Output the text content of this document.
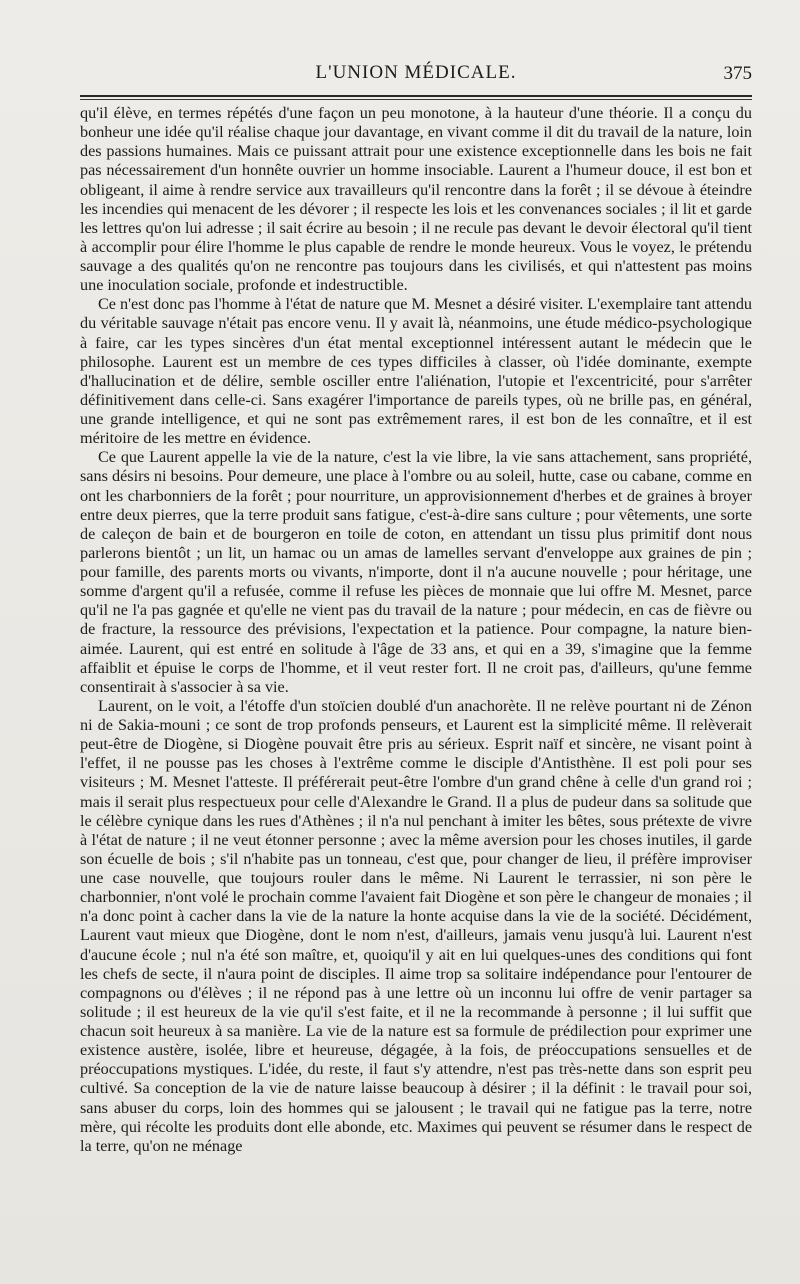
L'UNION MÉDICALE.	375

qu'il élève, en termes répétés d'une façon un peu monotone, à la hauteur d'une théorie. Il a conçu du bonheur une idée qu'il réalise chaque jour davantage, en vivant comme il dit du travail de la nature, loin des passions humaines. Mais ce puissant attrait pour une existence exceptionnelle dans les bois ne fait pas nécessairement d'un honnête ouvrier un homme insociable. Laurent a l'humeur douce, il est bon et obligeant, il aime à rendre service aux travailleurs qu'il rencontre dans la forêt ; il se dévoue à éteindre les incendies qui menacent de les dévorer ; il respecte les lois et les convenances sociales ; il lit et garde les lettres qu'on lui adresse ; il sait écrire au besoin ; il ne recule pas devant le devoir électoral qu'il tient à accomplir pour élire l'homme le plus capable de rendre le monde heureux. Vous le voyez, le prétendu sauvage a des qualités qu'on ne rencontre pas toujours dans les civilisés, et qui n'attestent pas moins une inoculation sociale, profonde et indestructible.

Ce n'est donc pas l'homme à l'état de nature que M. Mesnet a désiré visiter. L'exemplaire tant attendu du véritable sauvage n'était pas encore venu. Il y avait là, néanmoins, une étude médico-psychologique à faire, car les types sincères d'un état mental exceptionnel intéressent autant le médecin que le philosophe. Laurent est un membre de ces types difficiles à classer, où l'idée dominante, exempte d'hallucination et de délire, semble osciller entre l'aliénation, l'utopie et l'excentricité, pour s'arrêter définitivement dans celle-ci. Sans exagérer l'importance de pareils types, où ne brille pas, en général, une grande intelligence, et qui ne sont pas extrêmement rares, il est bon de les connaître, et il est méritoire de les mettre en évidence.

Ce que Laurent appelle la vie de la nature, c'est la vie libre, la vie sans attachement, sans propriété, sans désirs ni besoins. Pour demeure, une place à l'ombre ou au soleil, hutte, case ou cabane, comme en ont les charbonniers de la forêt ; pour nourriture, un approvisionnement d'herbes et de graines à broyer entre deux pierres, que la terre produit sans fatigue, c'est-à-dire sans culture ; pour vêtements, une sorte de caleçon de bain et de bourgeron en toile de coton, en attendant un tissu plus primitif dont nous parlerons bientôt ; un lit, un hamac ou un amas de lamelles servant d'enveloppe aux graines de pin ; pour famille, des parents morts ou vivants, n'importe, dont il n'a aucune nouvelle ; pour héritage, une somme d'argent qu'il a refusée, comme il refuse les pièces de monnaie que lui offre M. Mesnet, parce qu'il ne l'a pas gagnée et qu'elle ne vient pas du travail de la nature ; pour médecin, en cas de fièvre ou de fracture, la ressource des prévisions, l'expectation et la patience. Pour compagne, la nature bien-aimée. Laurent, qui est entré en solitude à l'âge de 33 ans, et qui en a 39, s'imagine que la femme affaiblit et épuise le corps de l'homme, et il veut rester fort. Il ne croit pas, d'ailleurs, qu'une femme consentirait à s'associer à sa vie.

Laurent, on le voit, a l'étoffe d'un stoïcien doublé d'un anachorète. Il ne relève pourtant ni de Zénon ni de Sakia-mouni ; ce sont de trop profonds penseurs, et Laurent est la simplicité même. Il relèverait peut-être de Diogène, si Diogène pouvait être pris au sérieux. Esprit naïf et sincère, ne visant point à l'effet, il ne pousse pas les choses à l'extrême comme le disciple d'Antisthène. Il est poli pour ses visiteurs ; M. Mesnet l'atteste. Il préférerait peut-être l'ombre d'un grand chêne à celle d'un grand roi ; mais il serait plus respectueux pour celle d'Alexandre le Grand. Il a plus de pudeur dans sa solitude que le célèbre cynique dans les rues d'Athènes ; il n'a nul penchant à imiter les bêtes, sous prétexte de vivre à l'état de nature ; il ne veut étonner personne ; avec la même aversion pour les choses inutiles, il garde son écuelle de bois ; s'il n'habite pas un tonneau, c'est que, pour changer de lieu, il préfère improviser une case nouvelle, que toujours rouler dans le même. Ni Laurent le terrassier, ni son père le charbonnier, n'ont volé le prochain comme l'avaient fait Diogène et son père le changeur de monaies ; il n'a donc point à cacher dans la vie de la nature la honte acquise dans la vie de la société. Décidément, Laurent vaut mieux que Diogène, dont le nom n'est, d'ailleurs, jamais venu jusqu'à lui. Laurent n'est d'aucune école ; nul n'a été son maître, et, quoiqu'il y ait en lui quelques-unes des conditions qui font les chefs de secte, il n'aura point de disciples. Il aime trop sa solitaire indépendance pour l'entourer de compagnons ou d'élèves ; il ne répond pas à une lettre où un inconnu lui offre de venir partager sa solitude ; il est heureux de la vie qu'il s'est faite, et il ne la recommande à personne ; il lui suffit que chacun soit heureux à sa manière. La vie de la nature est sa formule de prédilection pour exprimer une existence austère, isolée, libre et heureuse, dégagée, à la fois, de préoccupations sensuelles et de préoccupations mystiques. L'idée, du reste, il faut s'y attendre, n'est pas très-nette dans son esprit peu cultivé. Sa conception de la vie de nature laisse beaucoup à désirer ; il la définit : le travail pour soi, sans abuser du corps, loin des hommes qui se jalousent ; le travail qui ne fatigue pas la terre, notre mère, qui récolte les produits dont elle abonde, etc. Maximes qui peuvent se résumer dans le respect de la terre, qu'on ne ménage
